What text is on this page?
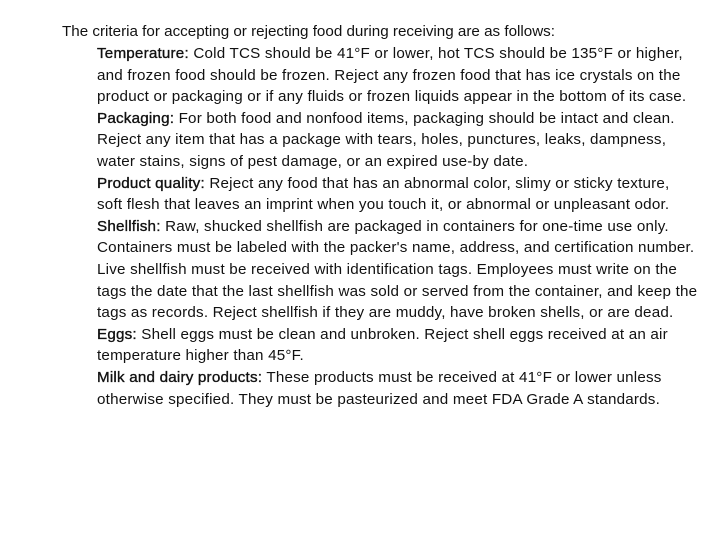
The criteria for accepting or rejecting food during receiving are as follows:

Temperature: Cold TCS should be 41°F or lower, hot TCS should be 135°F or higher, and frozen food should be frozen. Reject any frozen food that has ice crystals on the product or packaging or if any fluids or frozen liquids appear in the bottom of its case.

Packaging: For both food and nonfood items, packaging should be intact and clean. Reject any item that has a package with tears, holes, punctures, leaks, dampness, water stains, signs of pest damage, or an expired use-by date.

Product quality: Reject any food that has an abnormal color, slimy or sticky texture, soft flesh that leaves an imprint when you touch it, or abnormal or unpleasant odor.

Shellfish: Raw, shucked shellfish are packaged in containers for one-time use only. Containers must be labeled with the packer's name, address, and certification number. Live shellfish must be received with identification tags. Employees must write on the tags the date that the last shellfish was sold or served from the container, and keep the tags as records. Reject shellfish if they are muddy, have broken shells, or are dead.

Eggs: Shell eggs must be clean and unbroken. Reject shell eggs received at an air temperature higher than 45°F.

Milk and dairy products: These products must be received at 41°F or lower unless otherwise specified. They must be pasteurized and meet FDA Grade A standards.
